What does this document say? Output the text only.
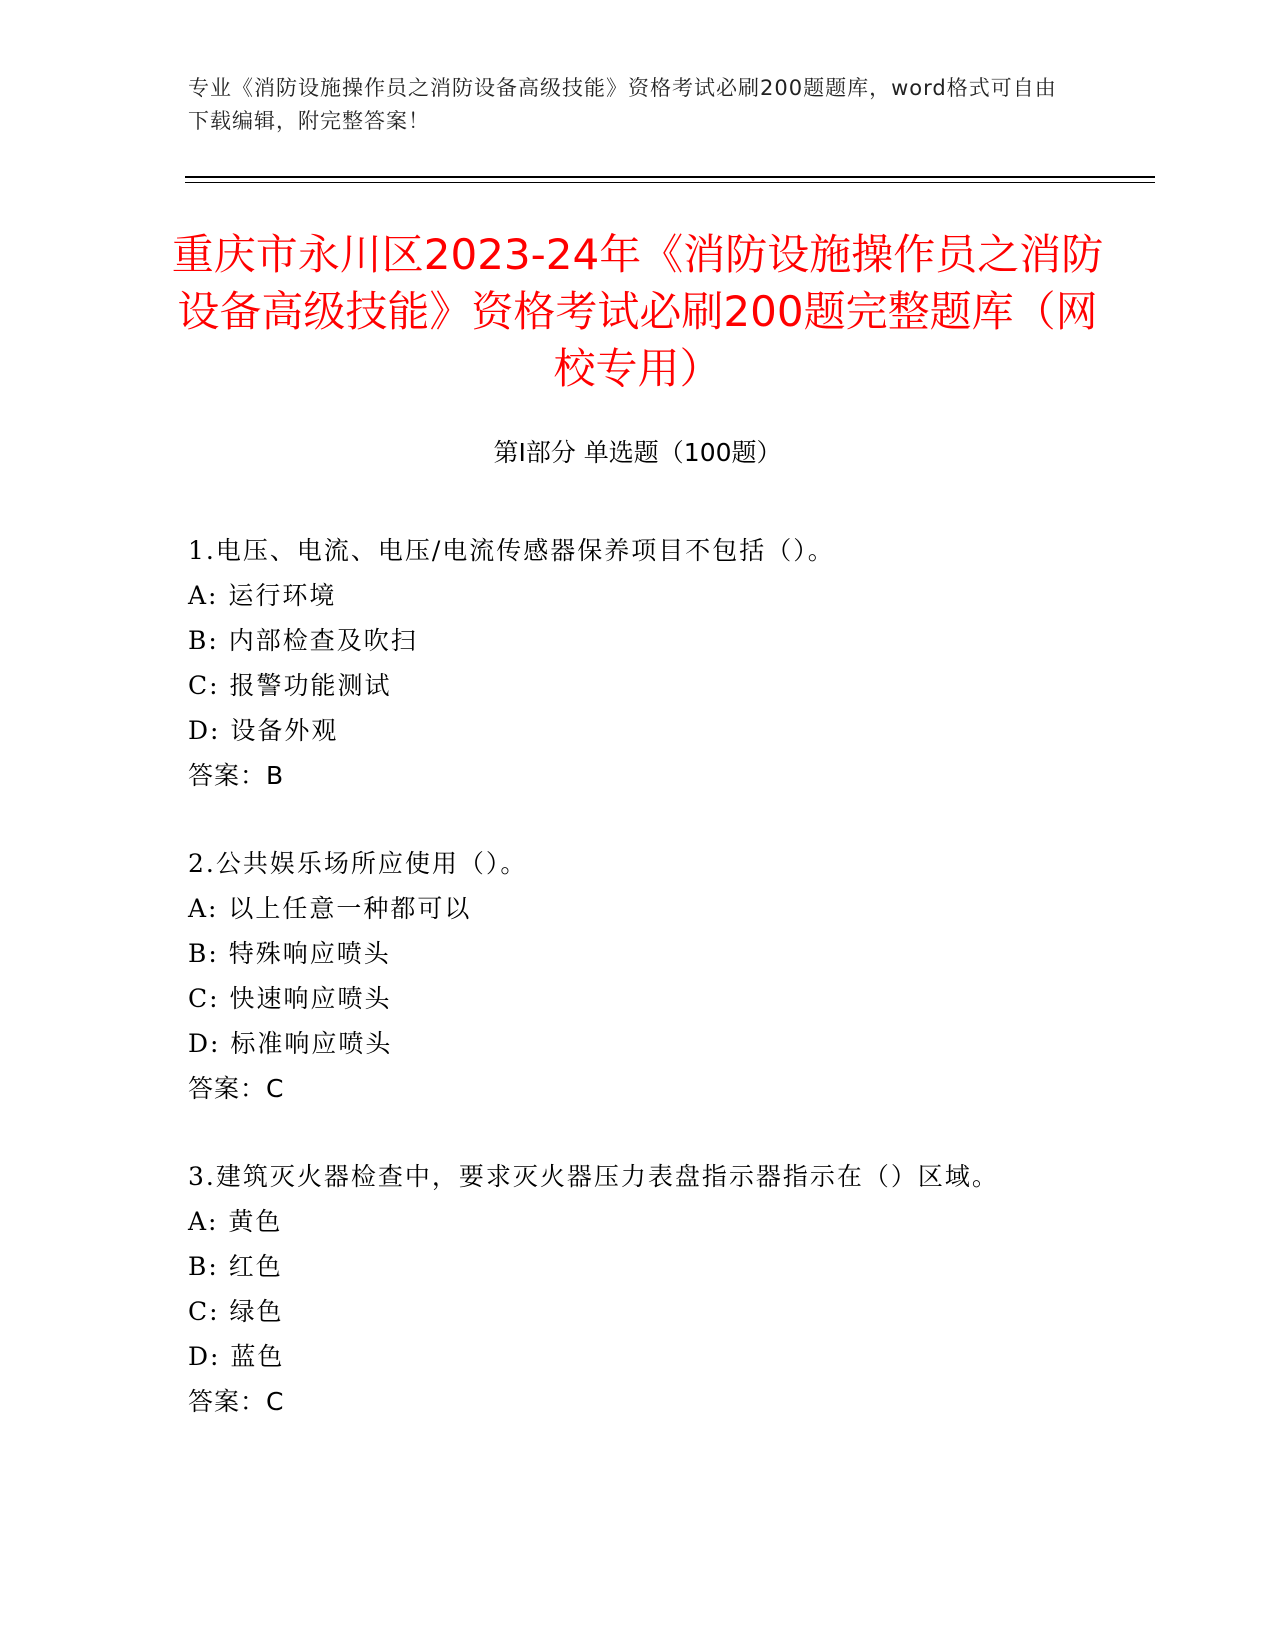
专业《消防设施操作员之消防设备高级技能》资格考试必刷200题题库，word格式可自由下载编辑，附完整答案！
重庆市永川区2023-24年《消防设施操作员之消防设备高级技能》资格考试必刷200题完整题库（网校专用）
第I部分 单选题（100题）
1.电压、电流、电压/电流传感器保养项目不包括（）。
A: 运行环境
B: 内部检查及吹扫
C: 报警功能测试
D: 设备外观
答案：B
2.公共娱乐场所应使用（）。
A: 以上任意一种都可以
B: 特殊响应喷头
C: 快速响应喷头
D: 标准响应喷头
答案：C
3.建筑灭火器检查中，要求灭火器压力表盘指示器指示在（）区域。
A: 黄色
B: 红色
C: 绿色
D: 蓝色
答案：C
